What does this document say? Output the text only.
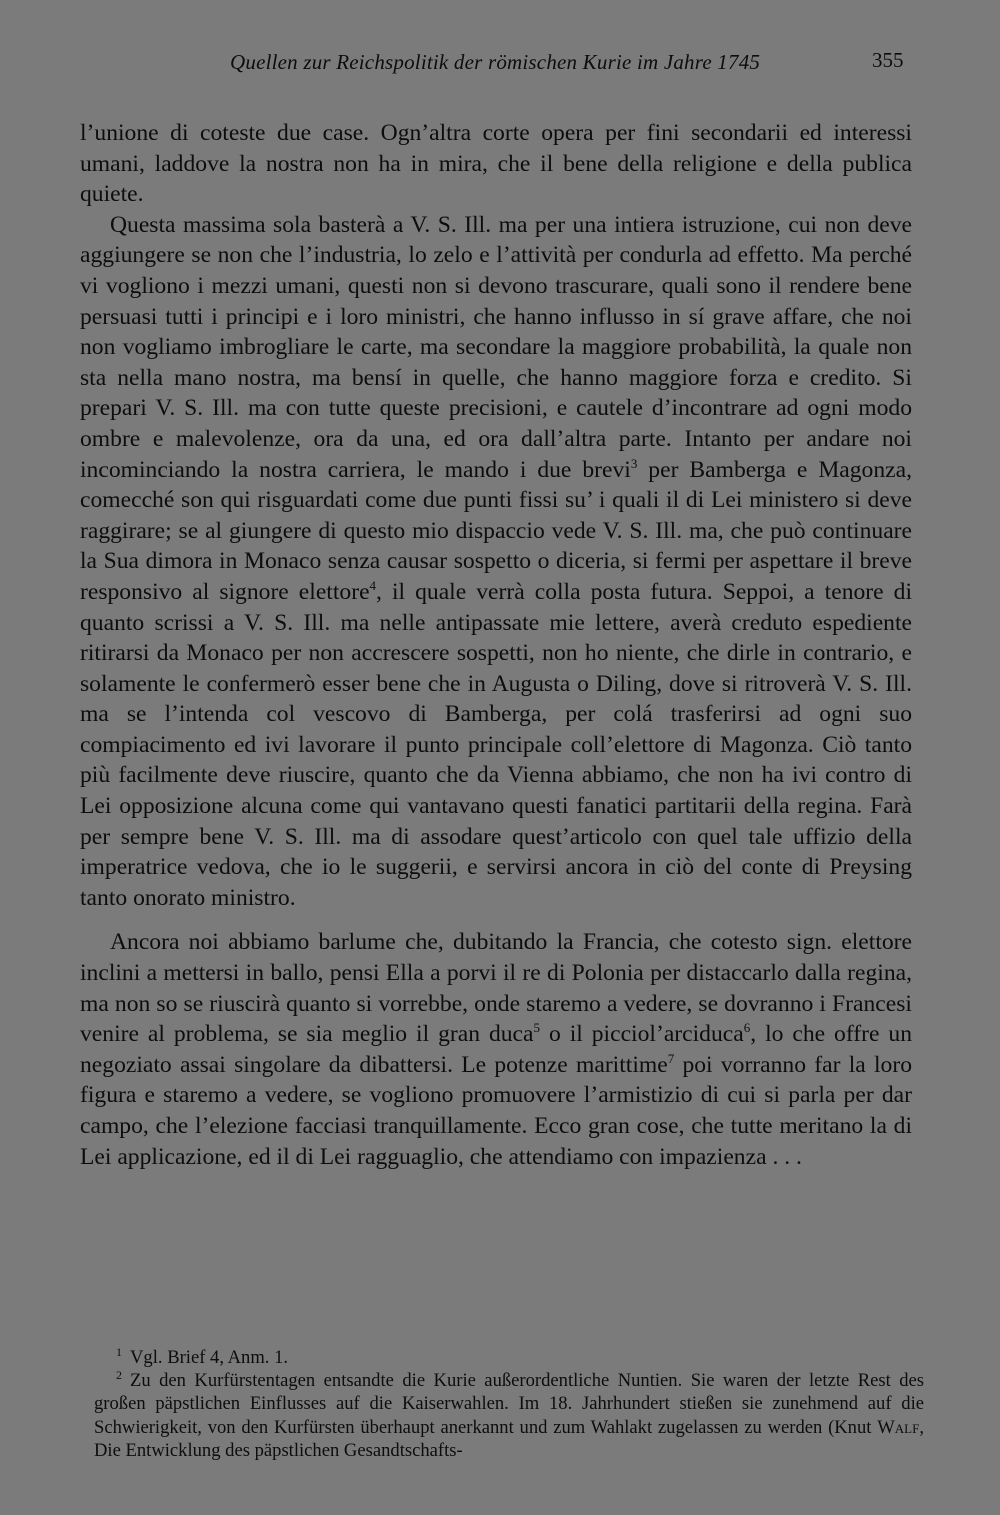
Quellen zur Reichspolitik der römischen Kurie im Jahre 1745	355

l’unione di coteste due case. Ogn’altra corte opera per fini secondarii ed interessi umani, laddove la nostra non ha in mira, che il bene della religione e della publica quiete.

Questa massima sola basterà a V. S. Ill. ma per una intiera istruzione, cui non deve aggiungere se non che l’industria, lo zelo e l’attività per condurla ad effetto. Ma perché vi vogliono i mezzi umani, questi non si devono trascurare, quali sono il rendere bene persuasi tutti i principi e i loro ministri, che hanno influsso in sí grave affare, che noi non vogliamo imbrogliare le carte, ma secondare la maggiore probabilità, la quale non sta nella mano nostra, ma bensí in quelle, che hanno maggiore forza e credito. Si prepari V. S. Ill. ma con tutte queste precisioni, e cautele d’incontrare ad ogni modo ombre e malevolenze, ora da una, ed ora dall’altra parte. Intanto per andare noi incominciando la nostra carriera, le mando i due brevi$^3$ per Bamberga e Magonza, comecché son qui risguardati come due punti fissi su’ i quali il di Lei ministero si deve raggirare; se al giungere di questo mio dispaccio vede V. S. Ill. ma, che può continuare la Sua dimora in Monaco senza causar sospetto o diceria, si fermi per aspettare il breve responsivo al signore elettore$^4$, il quale verrà colla posta futura. Seppoi, a tenore di quanto scrissi a V. S. Ill. ma nelle antipassate mie lettere, averà creduto espediente ritirarsi da Monaco per non accrescere sospetti, non ho niente, che dirle in contrario, e solamente le confermerò esser bene che in Augusta o Diling, dove si ritroverà V. S. Ill. ma se l’intenda col vescovo di Bamberga, per colá trasferirsi ad ogni suo compiacimento ed ivi lavorare il punto principale coll’elettore di Magonza. Ciò tanto più facilmente deve riuscire, quanto che da Vienna abbiamo, che non ha ivi contro di Lei opposizione alcuna come qui vantavano questi fanatici partitarii della regina. Farà per sempre bene V. S. Ill. ma di assodare quest’articolo con quel tale uffizio della imperatrice vedova, che io le suggerii, e servirsi ancora in ciò del conte di Preysing tanto onorato ministro.

Ancora noi abbiamo barlume che, dubitando la Francia, che cotesto sign. elettore inclini a mettersi in ballo, pensi Ella a porvi il re di Polonia per distaccarlo dalla regina, ma non so se riuscirà quanto si vorrebbe, onde staremo a vedere, se dovranno i Francesi venire al problema, se sia meglio il gran duca$^5$ o il picciol’arciduca$^6$, lo che offre un negoziato assai singolare da dibattersi. Le potenze marittime$^7$ poi vorranno far la loro figura e staremo a vedere, se vogliono promuovere l’armistizio di cui si parla per dar campo, che l’elezione facciasi tranquillamente. Ecco gran cose, che tutte meritano la di Lei applicazione, ed il di Lei ragguaglio, che attendiamo con impazienza . . .

$^1$ Vgl. Brief 4, Anm. 1.

$^2$ Zu den Kurfürstentagen entsandte die Kurie außerordentliche Nuntien. Sie waren der letzte Rest des großen päpstlichen Einflusses auf die Kaiserwahlen. Im 18. Jahrhundert stießen sie zunehmend auf die Schwierigkeit, von den Kurfürsten überhaupt anerkannt und zum Wahlakt zugelassen zu werden (Knut Walf, Die Entwicklung des päpstlichen Gesandtschafts-
